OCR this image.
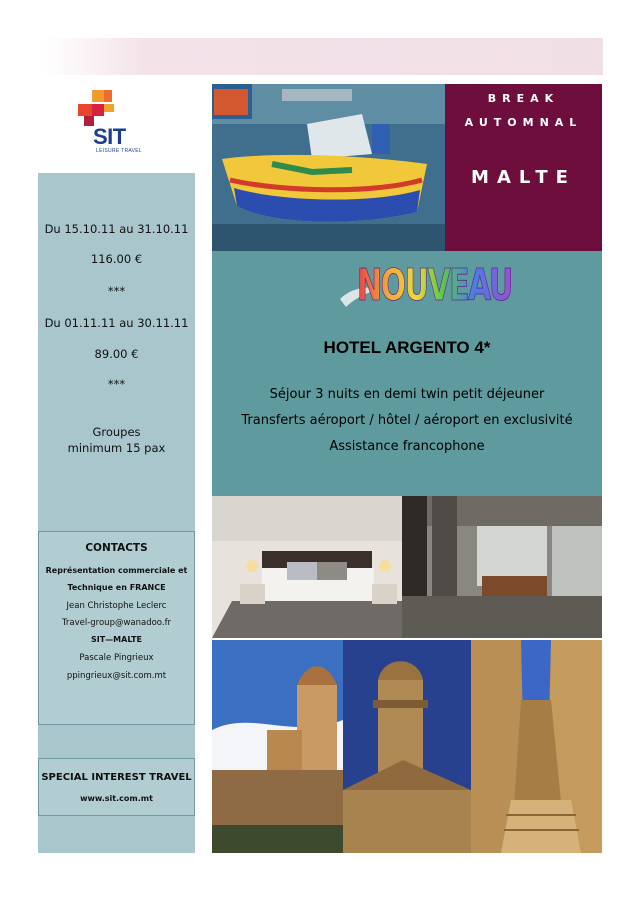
SIT
LEISURE TRAVEL
Du 15.10.11 au 31.10.11
116.00 €
***
Du 01.11.11 au 30.11.11
89.00 €
***
Groupes
minimum 15 pax
CONTACTS
Représentation commerciale et
Technique en FRANCE
Jean Christophe Leclerc
Travel-group@wanadoo.fr
SIT—MALTE
Pascale Pingrieux
ppingrieux@sit.com.mt
SPECIAL INTEREST TRAVEL
www.sit.com.mt
BREAK
AUTOMNAL
MALTE
NOUVEAU
HOTEL ARGENTO 4*
Séjour 3 nuits en demi twin petit déjeuner
Transferts aéroport / hôtel / aéroport en exclusivité
Assistance francophone
